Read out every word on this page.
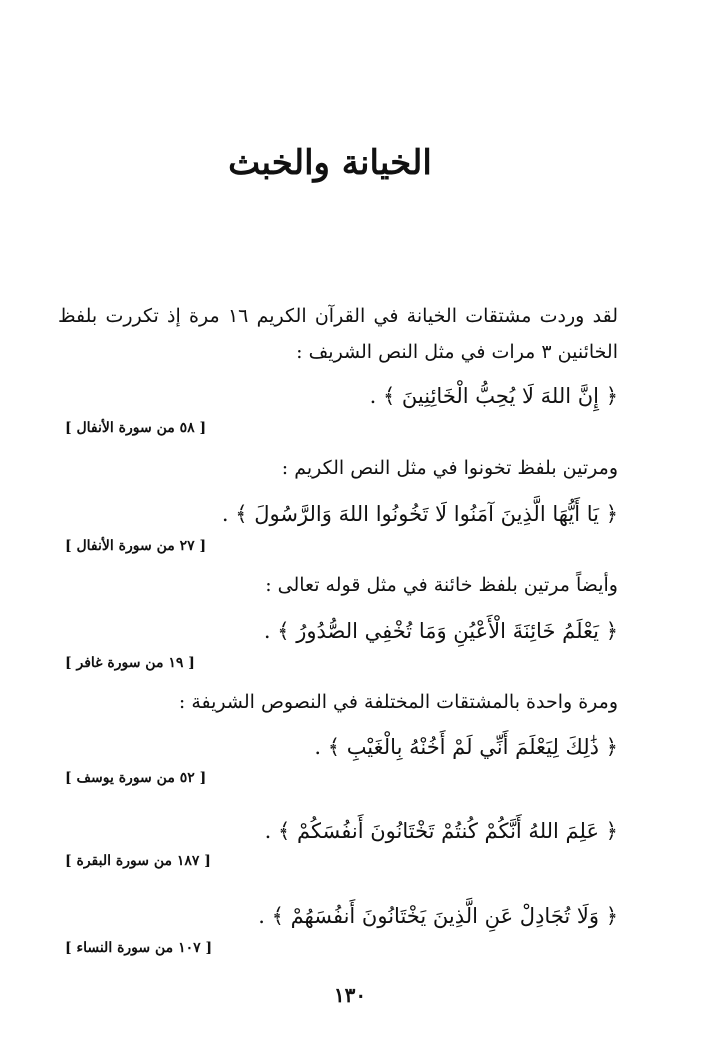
الخيانة والخبث
لقد وردت مشتقات الخيانة في القرآن الكريم ١٦ مرة إذ تكررت بلفظ الخائنين ٣ مرات في مثل النص الشريف :
﴿ إِنَّ اللهَ لَا يُحِبُّ الْخَائِنِينَ ﴾ .
[ ٥٨ من سورة الأنفال ]
ومرتين بلفظ تخونوا في مثل النص الكريم :
﴿ يَا أَيُّهَا الَّذِينَ آمَنُوا لَا تَخُونُوا اللهَ وَالرَّسُولَ ﴾ .
[ ٢٧ من سورة الأنفال ]
وأيضاً مرتين بلفظ خائنة في مثل قوله تعالى :
﴿ يَعْلَمُ خَائِنَةَ الْأَعْيُنِ وَمَا تُخْفِي الصُّدُورُ ﴾ .
[ ١٩ من سورة غافر ]
ومرة واحدة بالمشتقات المختلفة في النصوص الشريفة :
﴿ ذَٰلِكَ لِيَعْلَمَ أَنِّي لَمْ أَخُنْهُ بِالْغَيْبِ ﴾ .
[ ٥٢ من سورة يوسف ]
﴿ عَلِمَ اللهُ أَنَّكُمْ كُنتُمْ تَخْتَانُونَ أَنفُسَكُمْ ﴾ .
[ ١٨٧ من سورة البقرة ]
﴿ وَلَا تُجَادِلْ عَنِ الَّذِينَ يَخْتَانُونَ أَنفُسَهُمْ ﴾ .
[ ١٠٧ من سورة النساء ]
١٣٠
